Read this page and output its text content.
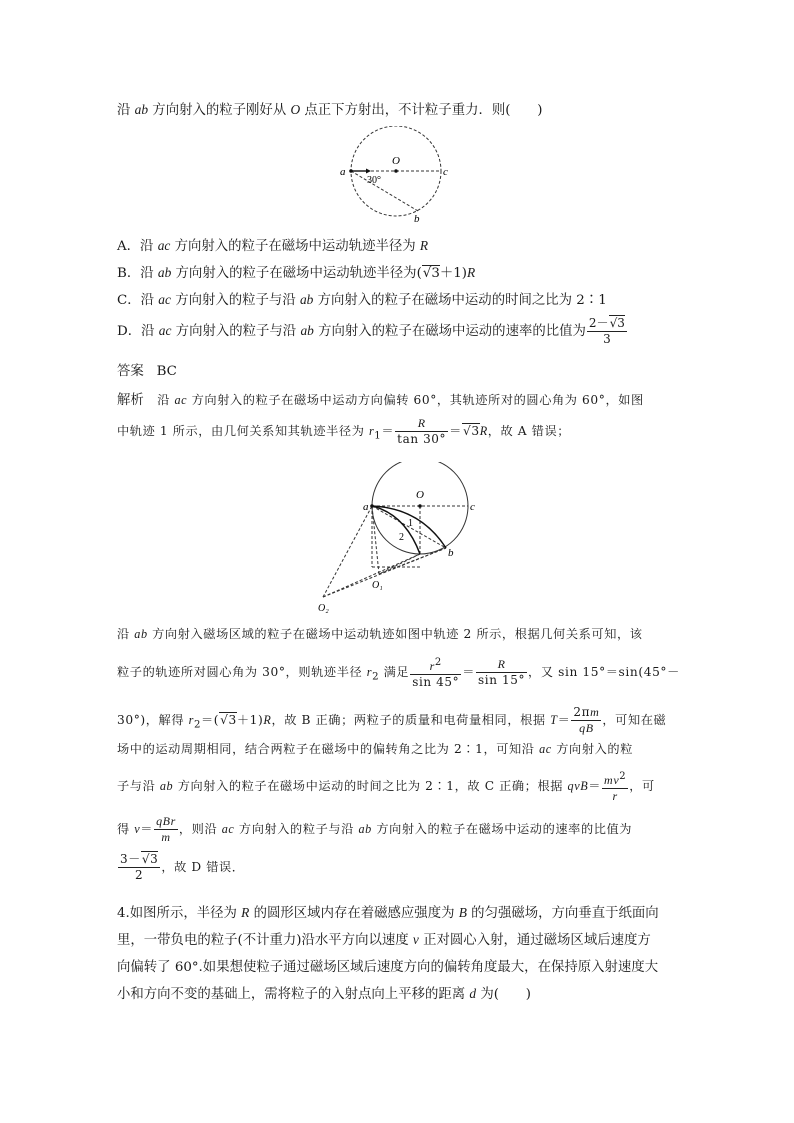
沿 ab 方向射入的粒子刚好从 O 点正下方射出，不计粒子重力．则(　　)
a
O
c
b
30°
A．沿 ac 方向射入的粒子在磁场中运动轨迹半径为 R
B．沿 ab 方向射入的粒子在磁场中运动轨迹半径为(√3＋1)R
C．沿 ac 方向射入的粒子与沿 ab 方向射入的粒子在磁场中运动的时间之比为 2∶1
D．沿 ac 方向射入的粒子与沿 ab 方向射入的粒子在磁场中运动的速率的比值为 $\frac{2-√3}{3}$
答案 BC
解析   沿 ac 方向射入的粒子在磁场中运动方向偏转 60°，其轨迹所对的圆心角为 60°，如图
中轨迹 1 所示，由几何关系知其轨迹半径为 $r_1= \frac{R}{\tan 30^\circ} =√3R$，故 A 错误；
a
O
c
b
O₁
O₂
1
2
沿 ab 方向射入磁场区域的粒子在磁场中运动轨迹如图中轨迹 2 所示，根据几何关系可知，该
粒子的轨迹所对圆心角为 30°，则轨迹半径 $r_2$ 满足 $\frac{r^2}{\sin 45^\circ} = \frac{R}{\sin 15^\circ}$ ，又 sin 15°＝sin(45°－
30°)，解得 $r_2=(√3+1)R$，故 B 正确；两粒子的质量和电荷量相同，根据 $T= \frac{2\pi m}{qB}$ ，可知在磁
场中的运动周期相同，结合两粒子在磁场中的偏转角之比为 2∶1，可知沿 ac 方向射入的粒
子与沿 ab 方向射入的粒子在磁场中运动的时间之比为 2∶1，故 C 正确；根据 $qvB= \frac{mv^2}{r}$ ，可
得 $v= \frac{\text{qBr}}{m}$ ，则沿 ac 方向射入的粒子与沿 ab 方向射入的粒子在磁场中运动的速率的比值为
$\frac{3-√3}{2}$ ，故 D 错误．
4.如图所示，半径为 R 的圆形区域内存在着磁感应强度为 B 的匀强磁场，方向垂直于纸面向
里，一带负电的粒子(不计重力)沿水平方向以速度 v 正对圆心入射，通过磁场区域后速度方
向偏转了 60°.如果想使粒子通过磁场区域后速度方向的偏转角度最大，在保持原入射速度大
小和方向不变的基础上，需将粒子的入射点向上平移的距离 d 为(　　)
